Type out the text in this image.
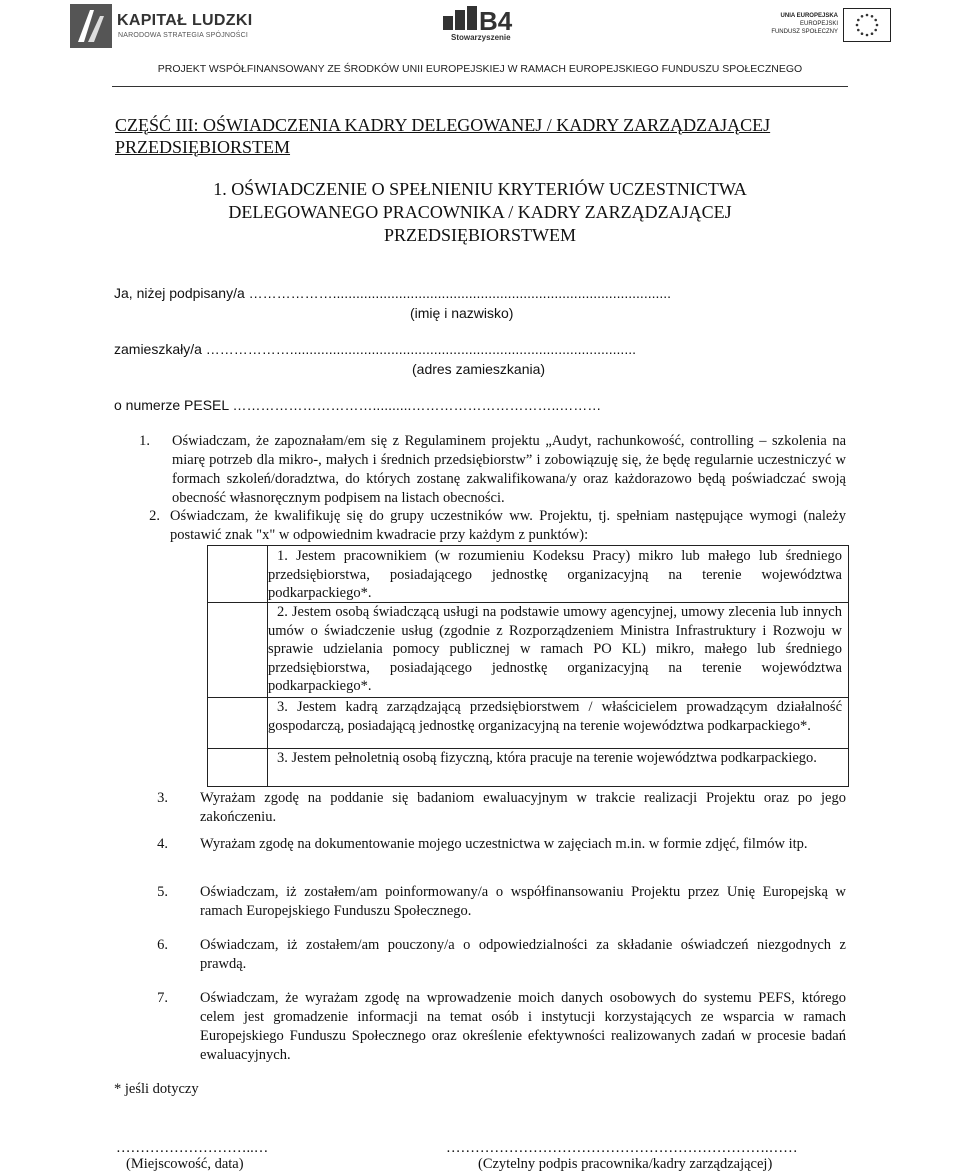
KAPITAŁ LUDZKI
NARODOWA STRATEGIA SPÓJNOŚCI	B4
Stowarzyszenie
UNIA EUROPEJSKA
EUROPEJSKI
FUNDUSZ SPOŁECZNY
PROJEKT WSPÓŁFINANSOWANY ZE ŚRODKÓW UNII EUROPEJSKIEJ W RAMACH EUROPEJSKIEGO FUNDUSZU SPOŁECZNEGO
CZĘŚĆ III: OŚWIADCZENIA KADRY DELEGOWANEJ / KADRY ZARZĄDZAJĄCEJ PRZEDSIĘBIORSTEM
1. OŚWIADCZENIE O SPEŁNIENIU KRYTERIÓW UCZESTNICTWA DELEGOWANEGO PRACOWNIKA / KADRY ZARZĄDZAJĄCEJ PRZEDSIĘBIORSTWEM
Ja, niżej podpisany/a ……………….......................................................................................
(imię i nazwisko)
zamieszkały/a ……………….........................................................................................
(adres zamieszkania)
o numerze PESEL …………………………..........…………………………..………
1. Oświadczam, że zapoznałam/em się z Regulaminem projektu „Audyt, rachunkowość, controlling – szkolenia na miarę potrzeb dla mikro-, małych i średnich przedsiębiorstw” i zobowiązuję się, że będę regularnie uczestniczyć w formach szkoleń/doradztwa, do których zostanę zakwalifikowana/y oraz każdorazowo będą poświadczać swoją obecność własnoręcznym podpisem na listach obecności.
2. Oświadczam, że kwalifikuję się do grupy uczestników ww. Projektu, tj. spełniam następujące wymogi (należy postawić znak "x" w odpowiednim kwadracie przy każdym z punktów):
1. Jestem pracownikiem (w rozumieniu Kodeksu Pracy) mikro lub małego lub średniego przedsiębiorstwa, posiadającego jednostkę organizacyjną na terenie województwa podkarpackiego*.
2. Jestem osobą świadczącą usługi na podstawie umowy agencyjnej, umowy zlecenia lub innych umów o świadczenie usług (zgodnie z Rozporządzeniem Ministra Infrastruktury i Rozwoju w sprawie udzielania pomocy publicznej w ramach PO KL) mikro, małego lub średniego przedsiębiorstwa, posiadającego jednostkę organizacyjną na terenie województwa podkarpackiego*.
3. Jestem kadrą zarządzającą przedsiębiorstwem / właścicielem prowadzącym działalność gospodarczą, posiadającą jednostkę organizacyjną na terenie województwa podkarpackiego*.
3. Jestem pełnoletnią osobą fizyczną, która pracuje na terenie województwa podkarpackiego.
3. Wyrażam zgodę na poddanie się badaniom ewaluacyjnym w trakcie realizacji Projektu oraz po jego zakończeniu.
4. Wyrażam zgodę na dokumentowanie mojego uczestnictwa w zajęciach m.in. w formie zdjęć, filmów itp.
5. Oświadczam, iż zostałem/am poinformowany/a o współfinansowaniu Projektu przez Unię Europejską w ramach Europejskiego Funduszu Społecznego.
6. Oświadczam, iż zostałem/am pouczony/a o odpowiedzialności za składanie oświadczeń niezgodnych z prawdą.
7. Oświadczam, że wyrażam zgodę na wprowadzenie moich danych osobowych do systemu PEFS, którego celem jest gromadzenie informacji na temat osób i instytucji korzystających ze wsparcia w ramach Europejskiego Funduszu Społecznego oraz określenie efektywności realizowanych zadań w procesie badań ewaluacyjnych.
* jeśli dotyczy
………………………..…
(Miejscowość, data)
………………………………………………………….……
(Czytelny podpis pracownika/kadry zarządzającej)
